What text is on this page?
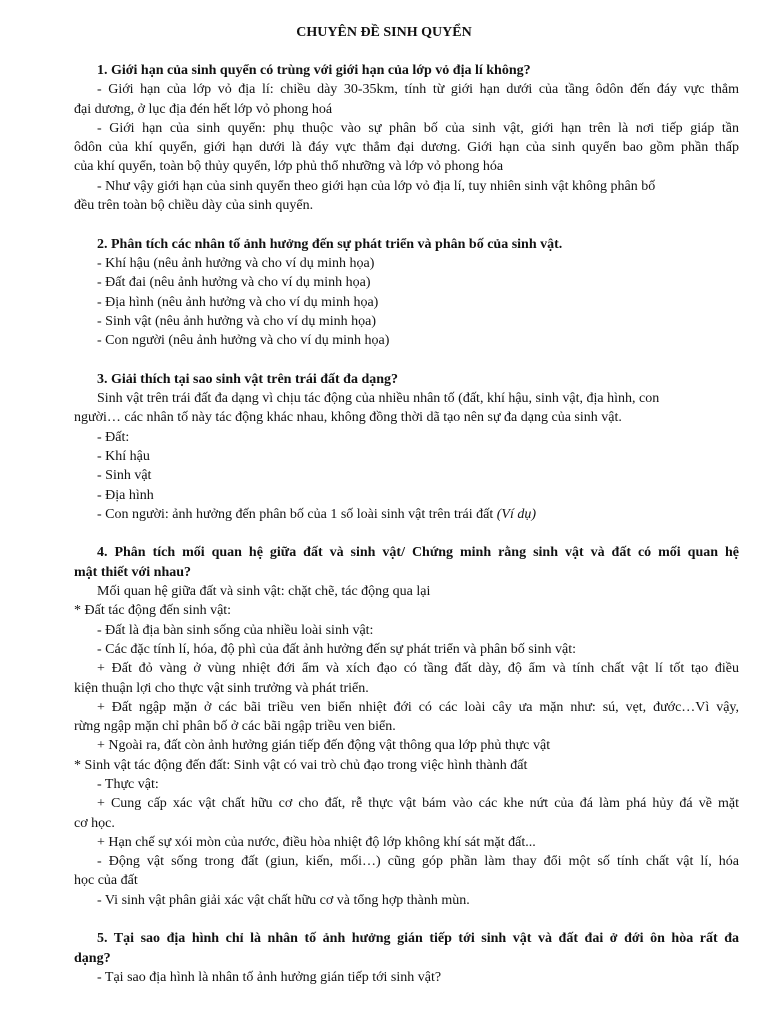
CHUYÊN ĐỀ SINH QUYỂN
1. Giới hạn của sinh quyển có trùng với giới hạn của lớp vỏ địa lí không?
- Giới hạn của lớp vỏ địa lí: chiều dày 30-35km, tính từ giới hạn dưới của tầng ôdôn đến đáy vực thẳm
đại dương, ở lục địa đén hết lớp vỏ phong hoá
- Giới hạn của sinh quyển: phụ thuộc vào sự phân bố của sinh vật, giới hạn trên là nơi tiếp giáp tần
ôdôn của khí quyển, giới hạn dưới là đáy vực thẳm đại dương. Giới hạn của sinh quyển bao gồm phần thấp
của khí quyển, toàn bộ thủy quyển, lớp phủ thổ nhưỡng và lớp vỏ phong hóa
- Như vậy giới hạn của sinh quyển theo giới hạn của lớp vỏ địa lí, tuy nhiên sinh vật không phân bố
đều trên toàn bộ chiều dày của sinh quyển.
2. Phân tích các nhân tố ảnh hưởng đến sự phát triển và phân bố của sinh vật.
- Khí hậu (nêu ảnh hưởng và cho ví dụ minh họa)
- Đất đai (nêu ảnh hưởng và cho ví dụ minh họa)
- Địa hình (nêu ảnh hưởng và cho ví dụ minh họa)
- Sinh vật (nêu ảnh hưởng và cho ví dụ minh họa)
- Con người (nêu ảnh hưởng và cho ví dụ minh họa)
3. Giải thích tại sao sinh vật trên trái đất đa dạng?
Sinh vật trên trái đất đa dạng vì chịu tác động của nhiều nhân tố (đất, khí hậu, sinh vật, địa hình, con
người… các nhân tố này tác động khác nhau, không đồng thời dã tạo nên sự đa dạng của sinh vật.
- Đất:
- Khí hậu
- Sinh vật
- Địa hình
- Con người: ảnh hưởng đến phân bố của 1 số loài sinh vật trên trái đất (Ví dụ)
4. Phân tích mối quan hệ giữa đất và sinh vật/ Chứng minh rằng sinh vật và đất có mối quan hệ
mật thiết với nhau?
Mối quan hệ giữa đất và sinh vật: chặt chẽ, tác động qua lại
* Đất tác động đến sinh vật:
- Đất là địa bàn sinh sống của nhiều loài sinh vật:
- Các đặc tính lí, hóa, độ phì của đất ảnh hưởng đến sự phát triển và phân bố sinh vật:
+ Đất đỏ vàng ở vùng nhiệt đới ẩm và xích đạo có tầng đất dày, độ ẩm và tính chất vật lí tốt tạo điều
kiện thuận lợi cho thực vật sinh trưởng và phát triển.
+ Đất ngập mặn ở các bãi triều ven biển nhiệt đới có các loài cây ưa mặn như: sú, vẹt, đước…Vì vậy,
rừng ngập mặn chỉ phân bố ở các bãi ngập triều ven biển.
+ Ngoài ra, đất còn ảnh hưởng gián tiếp đến động vật thông qua lớp phủ thực vật
* Sinh vật tác động đến đất: Sinh vật có vai trò chủ đạo trong việc hình thành đất
- Thực vật:
+ Cung cấp xác vật chất hữu cơ cho đất, rễ thực vật bám vào các khe nứt của đá làm phá hủy đá về mặt
cơ học.
+ Hạn chế sự xói mòn của nước, điều hòa nhiệt độ lớp không khí sát mặt đất...
- Động vật sống trong đất (giun, kiến, mối…) cũng góp phần làm thay đổi một số tính chất vật lí, hóa
học của đất
- Vi sinh vật phân giải xác vật chất hữu cơ và tổng hợp thành mùn.
5. Tại sao địa hình chỉ là nhân tố ảnh hưởng gián tiếp tới sinh vật và đất đai ở đới ôn hòa rất đa
dạng?
- Tại sao địa hình là nhân tố ảnh hưởng gián tiếp tới sinh vật?
